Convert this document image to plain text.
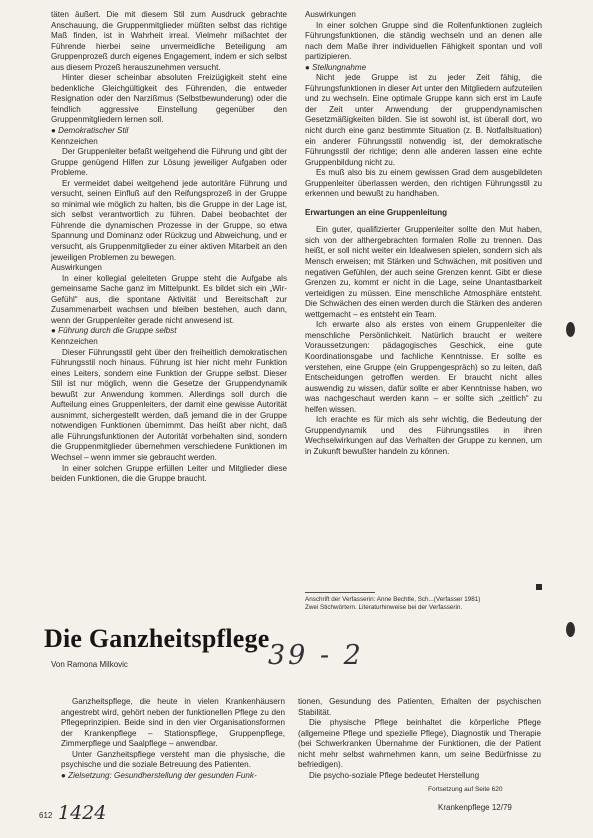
täten äußert. Die mit diesem Stil zum Ausdruck gebrachte Anschauung, die Gruppenmitglieder müßten selbst das richtige Maß finden, ist in Wahrheit irreal. Vielmehr mißachtet der Führende hierbei seine unvermeidliche Beteiligung am Gruppenprozeß durch eigenes Engagement, indem er sich selbst aus diesem Prozeß herauszunehmen versucht.

Hinter dieser scheinbar absoluten Freizügigkeit steht eine bedenkliche Gleichgültigkeit des Führenden, die entweder Resignation oder den Narzißmus (Selbstbewunderung) oder die feindlich aggressive Einstellung gegenüber den Gruppenmitgliedern lernen soll.

● Demokratischer Stil

Kennzeichen

Der Gruppenleiter befaßt weitgehend die Führung und gibt der Gruppe genügend Hilfen zur Lösung jeweiliger Aufgaben oder Probleme.

Er vermeidet dabei weitgehend jede autoritäre Führung und versucht, seinen Einfluß auf den Reifungsprozeß in der Gruppe so minimal wie möglich zu halten, bis die Gruppe in der Lage ist, sich selbst verantwortlich zu führen. Dabei beobachtet der Führende die dynamischen Prozesse in der Gruppe, so etwa Spannung und Dominanz oder Rückzug und Abweichung, und er versucht, als Gruppenmitglieder zu einer aktiven Mitarbeit an den jeweiligen Problemen zu bewegen.

Auswirkungen

In einer kollegial geleiteten Gruppe steht die Aufgabe als gemeinsame Sache ganz im Mittelpunkt. Es bildet sich ein „Wir-Gefühl“ aus, die spontane Aktivität und Bereitschaft zur Zusammenarbeit wachsen und bleiben bestehen, auch dann, wenn der Gruppenleiter gerade nicht anwesend ist.

● Führung durch die Gruppe selbst

Kennzeichen

Dieser Führungsstil geht über den freiheitlich demokratischen Führungsstil noch hinaus. Führung ist hier nicht mehr Funktion eines Leiters, sondern eine Funktion der Gruppe selbst. Dieser Stil ist nur möglich, wenn die Gesetze der Gruppendynamik bewußt zur Anwendung kommen. Allerdings soll durch die Aufteilung eines Gruppenleiters, der damit eine gewisse Autorität ausnimmt, sichergestellt werden, daß jemand die in der Gruppe notwendigen Funktionen übernimmt. Das heißt aber nicht, daß alle Führungsfunktionen der Autorität vorbehalten sind, sondern die Gruppenmitglieder übernehmen verschiedene Funktionen im Wechsel – wenn immer sie gebraucht werden.

In einer solchen Gruppe erfüllen Leiter und Mitglieder diese beiden Funktionen, die die Gruppe braucht.

Auswirkungen

In einer solchen Gruppe sind die Rollenfunktionen zugleich Führungsfunktionen, die ständig wechseln und an denen alle nach dem Maße ihrer individuellen Fähigkeit spontan und voll partizipieren.

● Stellungnahme

Nicht jede Gruppe ist zu jeder Zeit fähig, die Führungsfunktionen in dieser Art unter den Mitgliedern aufzuteilen und zu wechseln. Eine optimale Gruppe kann sich erst im Laufe der Zeit unter Anwendung der gruppendynamischen Gesetzmäßigkeiten bilden. Sie ist sowohl ist, ist überall dort, wo nicht durch eine ganz bestimmte Situation (z. B. Notfallsituation) ein anderer Führungsstil notwendig ist, der demokratische Führungsstil der richtige; denn alle anderen lassen eine echte Gruppenbildung nicht zu.

Es muß also bis zu einem gewissen Grad dem ausgebildeten Gruppenleiter überlassen werden, den richtigen Führungsstil zu erkennen und bewußt zu handhaben.

Erwartungen an eine Gruppenleitung

Ein guter, qualifizierter Gruppenleiter sollte den Mut haben, sich von der althergebrachten formalen Rolle zu trennen. Das heißt, er soll nicht weiter ein Idealwesen spielen, sondern sich als Mensch erweisen; mit Stärken und Schwächen, mit positiven und negativen Gefühlen, der auch seine Grenzen kennt. Gibt er diese Grenzen zu, kommt er nicht in die Lage, seine Unantastbarkeit verteidigen zu müssen. Eine menschliche Atmosphäre entsteht. Die Schwächen des einen werden durch die Stärken des anderen wettgemacht – es entsteht ein Team.

Ich erwarte also als erstes von einem Gruppenleiter die menschliche Persönlichkeit. Natürlich braucht er weitere Voraussetzungen: pädagogisches Geschick, eine gute Koordinationsgabe und fachliche Kenntnisse. Er sollte es verstehen, eine Gruppe (ein Gruppengespräch) so zu leiten, daß Entscheidungen getroffen werden. Er braucht nicht alles auswendig zu wissen, dafür sollte er aber Kenntnisse haben, wo was nachgeschaut werden kann – er sollte sich „zeitlich“ zu helfen wissen.

Ich erachte es für mich als sehr wichtig, die Bedeutung der Gruppendynamik und des Führungsstiles in ihren Wechselwirkungen auf das Verhalten der Gruppe zu kennen, um in Zukunft bewußter handeln zu können.

Anschrift der Verfasserin: Anne Bechtle, Sch...(Verfasser 1981)

Zwei Stichwörtern. Literaturhinweise bei der Verfasserin.

Die Ganzheitspflege
Von Ramona Milkovic	39 - 2

Ganzheitspflege, die heute in vielen Krankenhäusern angestrebt wird, gehört neben der funktionellen Pflege zu den Pflegeprinzipien. Beide sind in den vier Organisationsformen der Krankenpflege – Stationspflege, Gruppenpflege, Zimmerpflege und Saalpflege – anwendbar.

Unter Ganzheitspflege versteht man die physische, die psychische und die soziale Betreuung des Patienten.

● Zielsetzung: Gesundherstellung der gesunden Funk-

tionen, Gesundung des Patienten, Erhalten der psychischen Stabilität.

Die physische Pflege beinhaltet die körperliche Pflege (allgemeine Pflege und spezielle Pflege), Diagnostik und Therapie (bei Schwerkranken Übernahme der Funktionen, die der Patient nicht mehr selbst wahrnehmen kann, um seine Bedürfnisse zu befriedigen).

Die psycho-soziale Pflege bedeutet Herstellung

612 1424
Fortsetzung auf Seite 620
Krankenpflege 12/79
